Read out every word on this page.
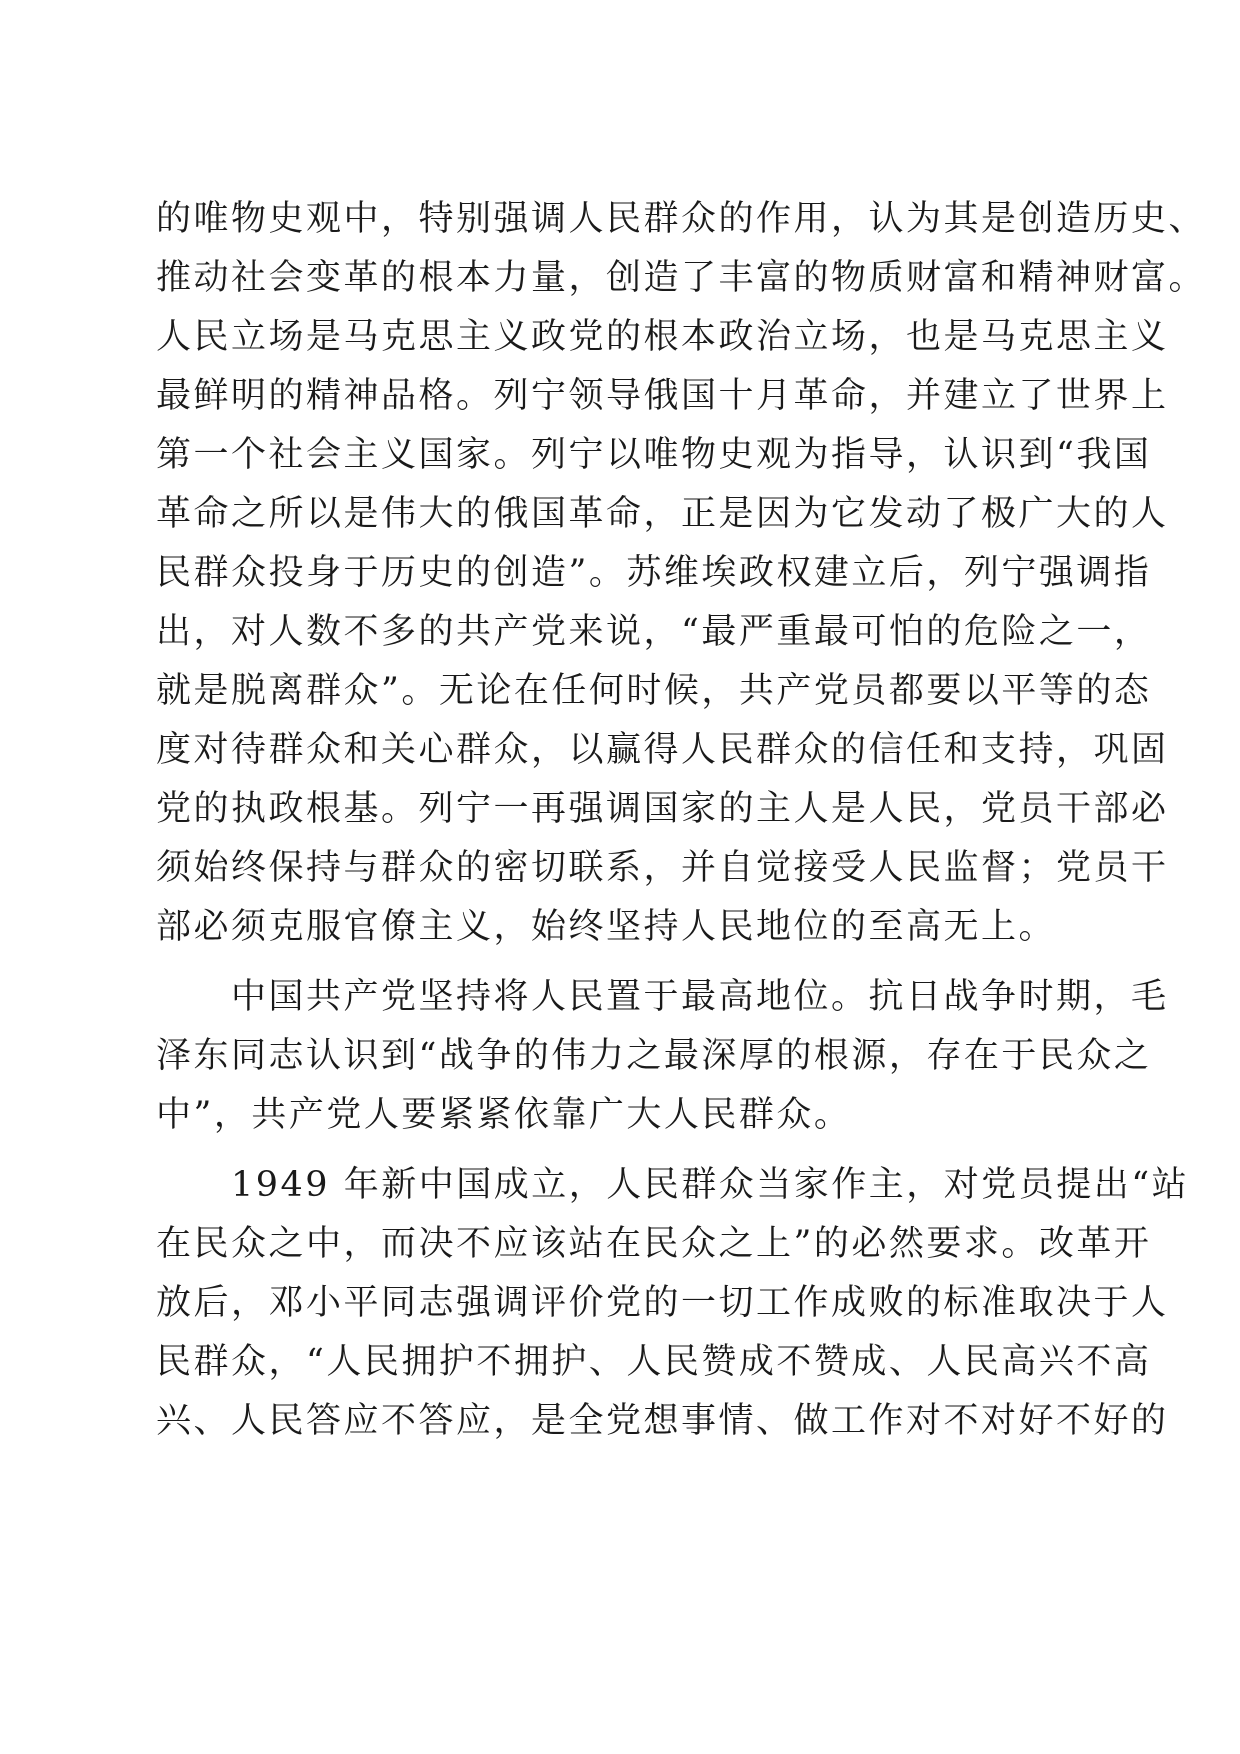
的唯物史观中，特别强调人民群众的作用，认为其是创造历史、
推动社会变革的根本力量，创造了丰富的物质财富和精神财富。
人民立场是马克思主义政党的根本政治立场，也是马克思主义
最鲜明的精神品格。列宁领导俄国十月革命，并建立了世界上
第一个社会主义国家。列宁以唯物史观为指导，认识到“我国
革命之所以是伟大的俄国革命，正是因为它发动了极广大的人
民群众投身于历史的创造”。苏维埃政权建立后，列宁强调指
出，对人数不多的共产党来说，“最严重最可怕的危险之一，
就是脱离群众”。无论在任何时候，共产党员都要以平等的态
度对待群众和关心群众，以赢得人民群众的信任和支持，巩固
党的执政根基。列宁一再强调国家的主人是人民，党员干部必
须始终保持与群众的密切联系，并自觉接受人民监督；党员干
部必须克服官僚主义，始终坚持人民地位的至高无上。
　　中国共产党坚持将人民置于最高地位。抗日战争时期，毛
泽东同志认识到“战争的伟力之最深厚的根源，存在于民众之
中”，共产党人要紧紧依靠广大人民群众。
　　1949 年新中国成立，人民群众当家作主，对党员提出“站
在民众之中，而决不应该站在民众之上”的必然要求。改革开
放后，邓小平同志强调评价党的一切工作成败的标准取决于人
民群众，“人民拥护不拥护、人民赞成不赞成、人民高兴不高
兴、人民答应不答应，是全党想事情、做工作对不对好不好的
